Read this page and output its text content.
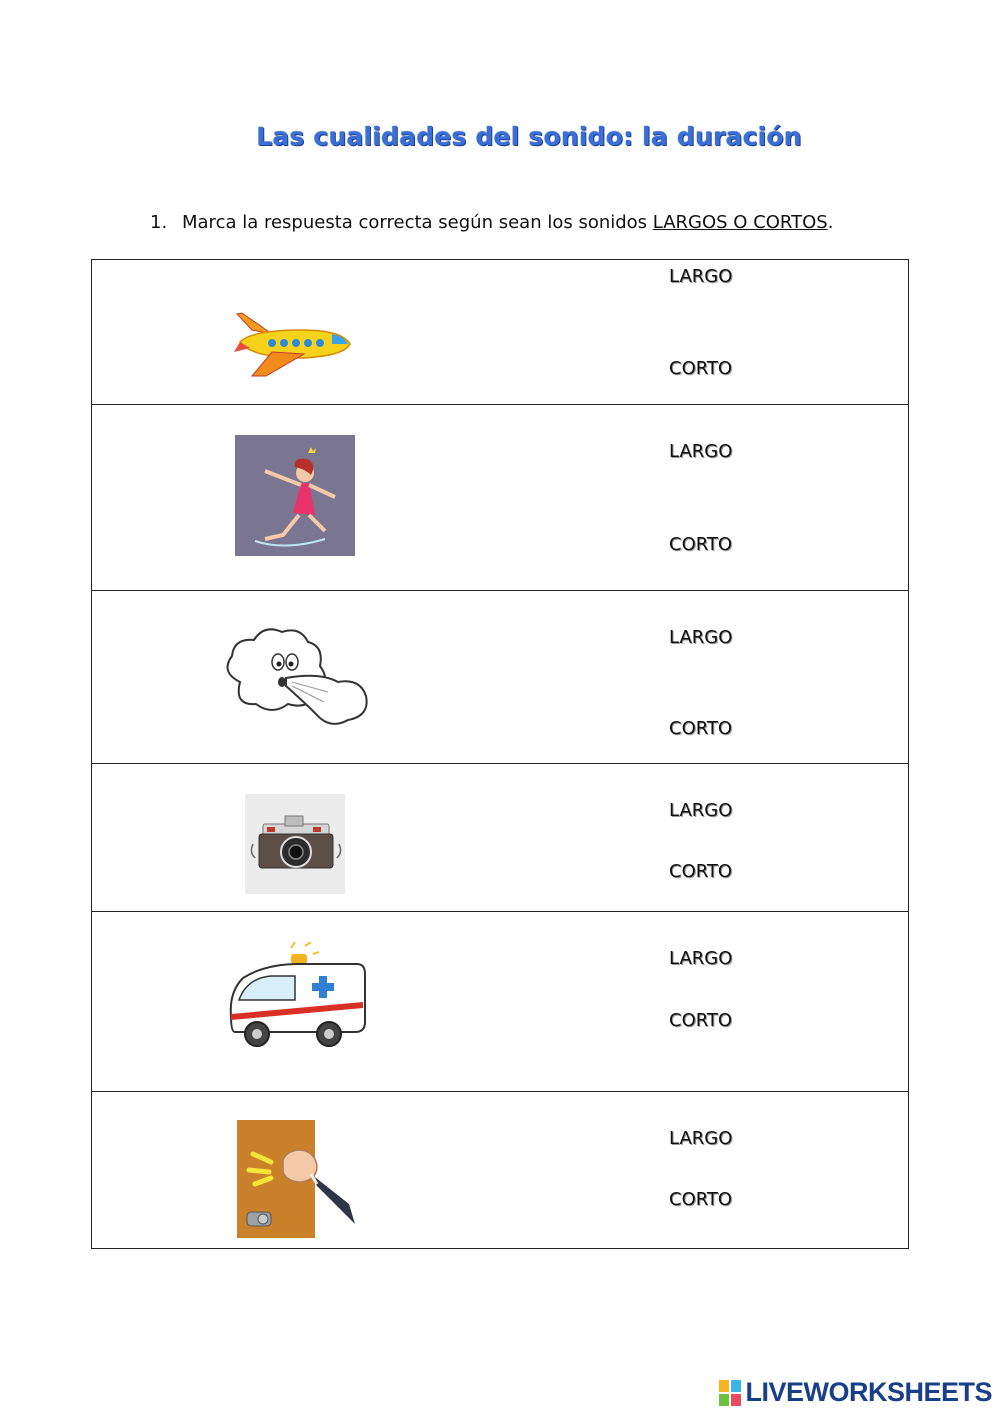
Las cualidades del sonido: la duración
1. Marca la respuesta correcta según sean los sonidos LARGOS O CORTOS.
LARGO
CORTO

LARGO
CORTO

LARGO
CORTO

LARGO
CORTO

LARGO
CORTO

LARGO
CORTO
LIVEWORKSHEETS
